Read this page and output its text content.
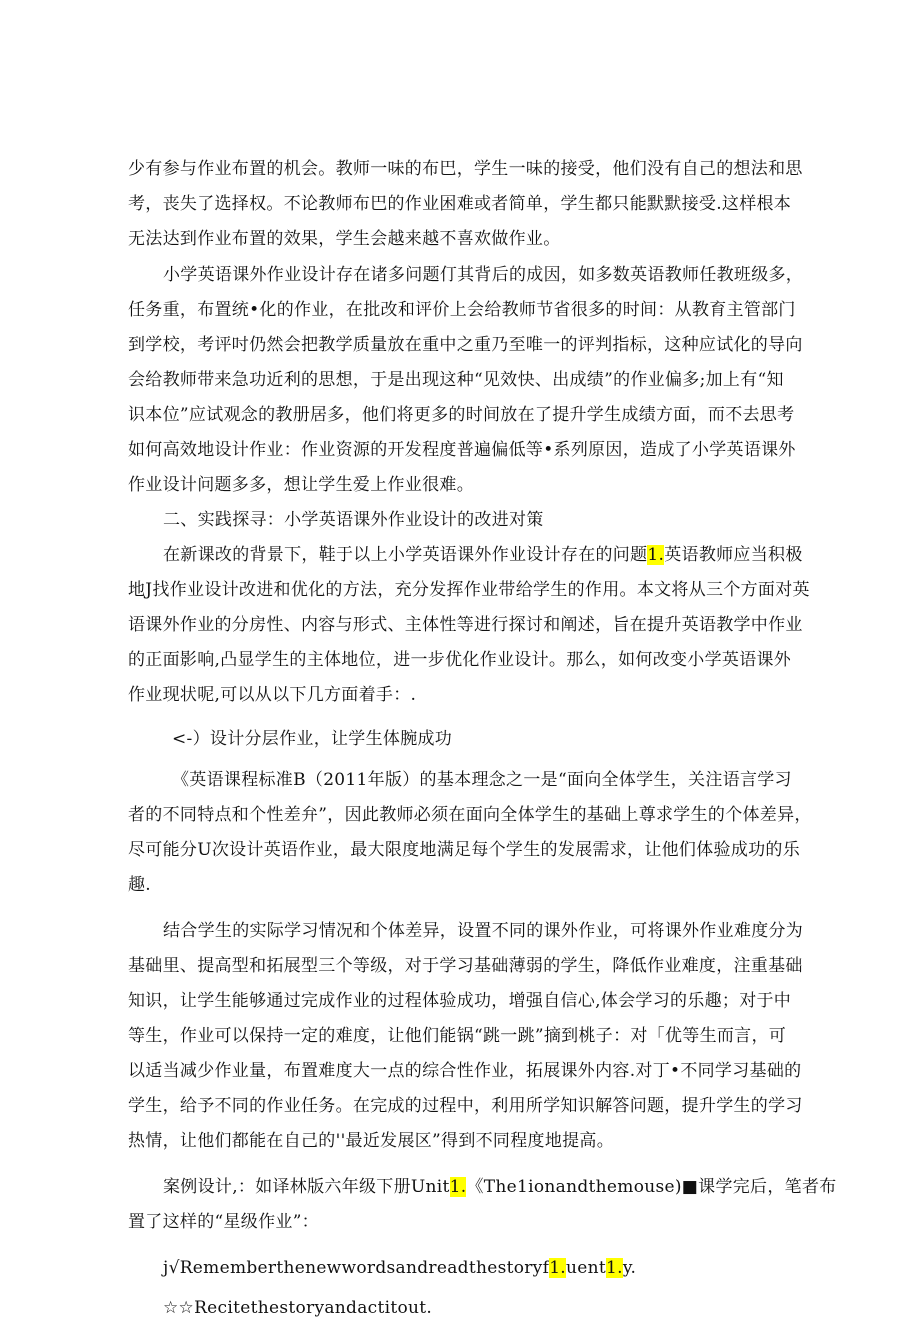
少有参与作业布置的机会。教师一味的布巴，学生一味的接受，他们没有自己的想法和思
考，丧失了选择权。不论教师布巴的作业困难或者简单，学生都只能默默接受.这样根本
无法达到作业布置的效果，学生会越来越不喜欢做作业。
小学英语课外作业设计存在诸多问题仃其背后的成因，如多数英语教师任教班级多，
任务重，布置统•化的作业，在批改和评价上会给教师节省很多的时间：从教育主管部门
到学校，考评吋仍然会把教学质量放在重中之重乃至唯一的评判指标，这种应试化的导向
会给教师带来急功近利的思想，于是出现这种“见效快、出成绩”的作业偏多;加上有“知
识本位”应试观念的教册居多，他们将更多的时间放在了提升学生成绩方面，而不去思考
如何高效地设计作业：作业资源的开发程度普遍偏低等•系列原因，造成了小学英语课外
作业设计问题多多，想让学生爱上作业很难。
二、实践探寻：小学英语课外作业设计的改进对策
在新课改的背景下，鞋于以上小学英语课外作业设计存在的问题1.英语教师应当积极
地J找作业设计改进和优化的方法，充分发挥作业带给学生的作用。本文将从三个方面对英
语课外作业的分房性、内容与形式、主体性等进行探讨和阐述，旨在提升英语教学中作业
的正面影响,凸显学生的主体地位，进一步优化作业设计。那么，如何改变小学英语课外
作业现状呢,可以从以下几方面着手：.
<-）设计分层作业，让学生体腕成功
《英语课程标准B（2011年版）的基本理念之一是“面向全体学生，关注语言学习
者的不同特点和个性差弁”，因此教师必须在面向全体学生的基础上尊求学生的个体差异，
尽可能分U次设计英语作业，最大限度地满足每个学生的发展需求，让他们体验成功的乐
趣.
结合学生的实际学习情况和个体差异，设置不同的课外作业，可将课外作业难度分为
基础里、提高型和拓展型三个等级，对于学习基础薄弱的学生，降低作业难度，注重基础
知识，让学生能够通过完成作业的过程体验成功，增强自信心,体会学习的乐趣；对于中
等生，作业可以保持一定的难度，让他们能锅“跳一跳”摘到桃子：对「优等生而言，可
以适当减少作业量，布置难度大一点的综合性作业，拓展课外内容.对丁•不同学习基础的
学生，给予不同的作业任务。在完成的过程中，利用所学知识解答问题，提升学生的学习
热情，让他们都能在自己的''最近发展区”得到不同程度地提高。
案例设计,：如译林版六年级下册Unit1.《The1ionandthemouse)■课学完后，笔者布
置了这样的“星级作业”：
j√Rememberthenewwordsandreadthestoryf1.uent1.y.
☆☆Recitethestoryandactitout.
